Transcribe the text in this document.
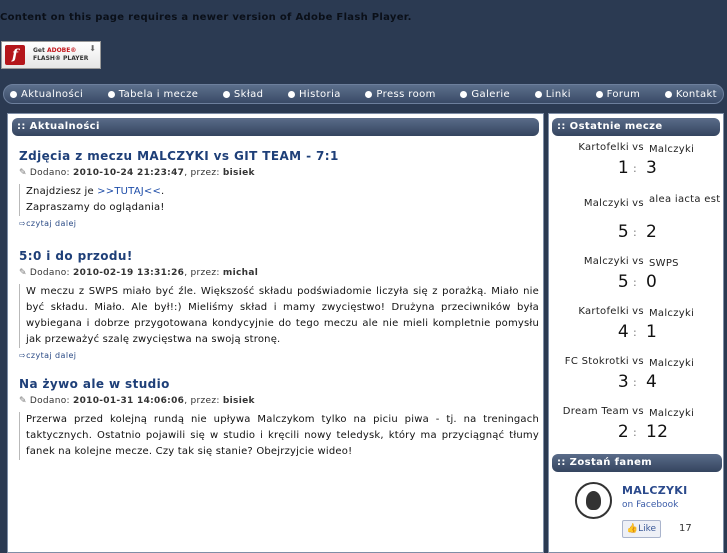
Content on this page requires a newer version of Adobe Flash Player.
f	Get ADOBE®
FLASH® PLAYER
⬇
Aktualności	Tabela i mecze	Skład	Historia	Press room	Galerie	Linki	Forum	Kontakt
:: Aktualności
Zdjęcia z meczu MALCZYKI vs GIT TEAM - 7:1
✎ Dodano: 2010-10-24 21:23:47, przez: bisiek
Znajdziesz je >>TUTAJ<<.
Zapraszamy do oglądania!
⇨czytaj dalej
5:0 i do przodu!
✎ Dodano: 2010-02-19 13:31:26, przez: michal
W meczu z SWPS miało być źle. Większość składu podświadomie liczyła się z porażką. Miało nie być składu. Miało. Ale był!:) Mieliśmy skład i mamy zwycięstwo! Drużyna przeciwników była wybiegana i dobrze przygotowana kondycyjnie do tego meczu ale nie mieli kompletnie pomysłu jak przeważyć szalę zwycięstwa na swoją stronę.
⇨czytaj dalej
Na żywo ale w studio
✎ Dodano: 2010-01-31 14:06:06, przez: bisiek
Przerwa przed kolejną rundą nie upływa Malczykom tylko na piciu piwa - tj. na treningach taktycznych. Ostatnio pojawili się w studio i kręcili nowy teledysk, który ma przyciągnąć tłumy fanek na kolejne mecze. Czy tak się stanie? Obejrzyjcie wideo!
:: Ostatnie mecze
Kartofelki vs Malczyki
1 : 3
Malczyki vs alea iacta est
5 : 2
Malczyki vs SWPS
5 : 0
Kartofelki vs Malczyki
4 : 1
FC Stokrotki vs Malczyki
3 : 4
Dream Team vs Malczyki
2 : 12
:: Zostań fanem
MALCZYKI
on Facebook
👍Like	17
